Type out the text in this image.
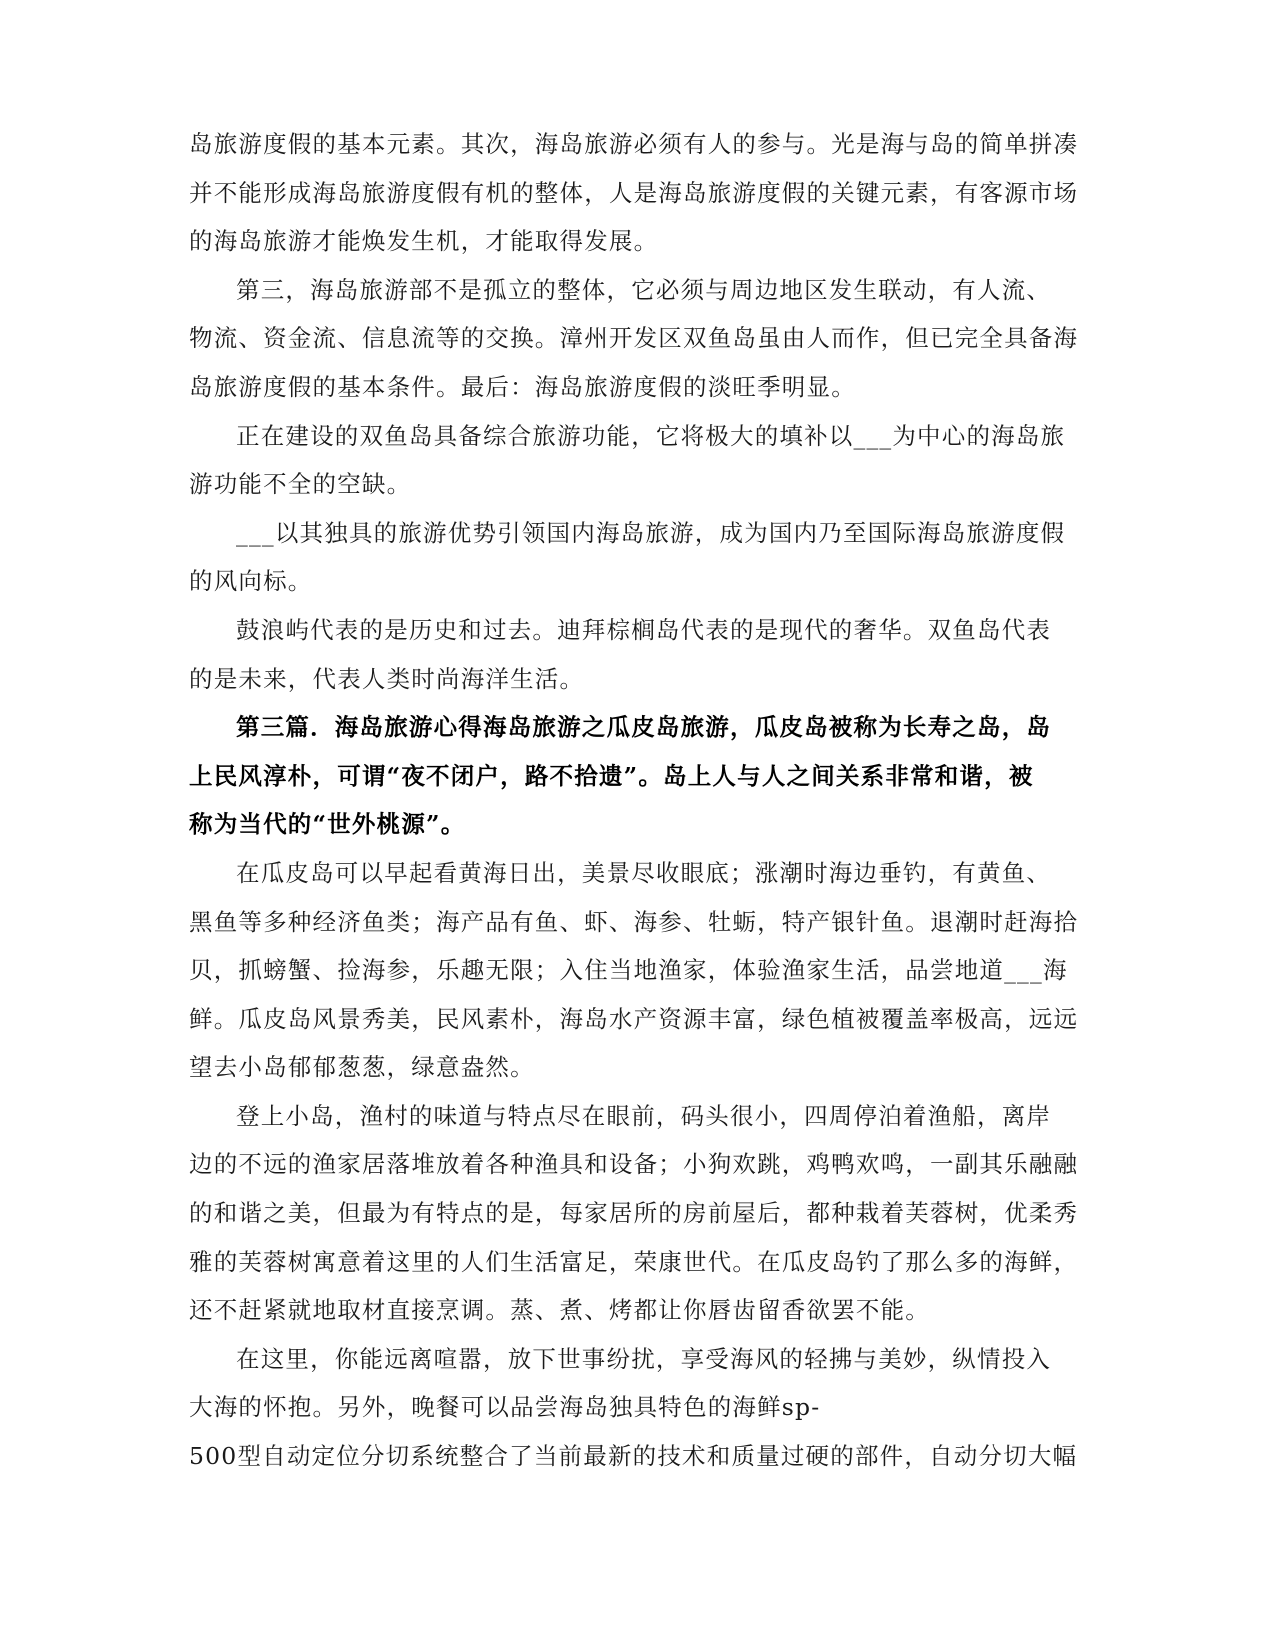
岛旅游度假的基本元素。其次，海岛旅游必须有人的参与。光是海与岛的简单拼凑
并不能形成海岛旅游度假有机的整体，人是海岛旅游度假的关键元素，有客源市场
的海岛旅游才能焕发生机，才能取得发展。

第三，海岛旅游部不是孤立的整体，它必须与周边地区发生联动，有人流、
物流、资金流、信息流等的交换。漳州开发区双鱼岛虽由人而作，但已完全具备海
岛旅游度假的基本条件。最后：海岛旅游度假的淡旺季明显。

正在建设的双鱼岛具备综合旅游功能，它将极大的填补以___为中心的海岛旅
游功能不全的空缺。

___以其独具的旅游优势引领国内海岛旅游，成为国内乃至国际海岛旅游度假
的风向标。

鼓浪屿代表的是历史和过去。迪拜棕榈岛代表的是现代的奢华。双鱼岛代表
的是未来，代表人类时尚海洋生活。

第三篇．海岛旅游心得海岛旅游之瓜皮岛旅游，瓜皮岛被称为长寿之岛，岛
上民风淳朴，可谓“夜不闭户，路不拾遗”。岛上人与人之间关系非常和谐，被
称为当代的“世外桃源”。

在瓜皮岛可以早起看黄海日出，美景尽收眼底；涨潮时海边垂钓，有黄鱼、
黑鱼等多种经济鱼类；海产品有鱼、虾、海参、牡蛎，特产银针鱼。退潮时赶海拾
贝，抓螃蟹、捡海参，乐趣无限；入住当地渔家，体验渔家生活，品尝地道___海
鲜。瓜皮岛风景秀美，民风素朴，海岛水产资源丰富，绿色植被覆盖率极高，远远
望去小岛郁郁葱葱，绿意盎然。

登上小岛，渔村的味道与特点尽在眼前，码头很小，四周停泊着渔船，离岸
边的不远的渔家居落堆放着各种渔具和设备；小狗欢跳，鸡鸭欢鸣，一副其乐融融
的和谐之美，但最为有特点的是，每家居所的房前屋后，都种栽着芙蓉树，优柔秀
雅的芙蓉树寓意着这里的人们生活富足，荣康世代。在瓜皮岛钓了那么多的海鲜，
还不赶紧就地取材直接烹调。蒸、煮、烤都让你唇齿留香欲罢不能。

在这里，你能远离喧嚣，放下世事纷扰，享受海风的轻拂与美妙，纵情投入
大海的怀抱。另外，晚餐可以品尝海岛独具特色的海鲜sp-
500型自动定位分切系统整合了当前最新的技术和质量过硬的部件，自动分切大幅
